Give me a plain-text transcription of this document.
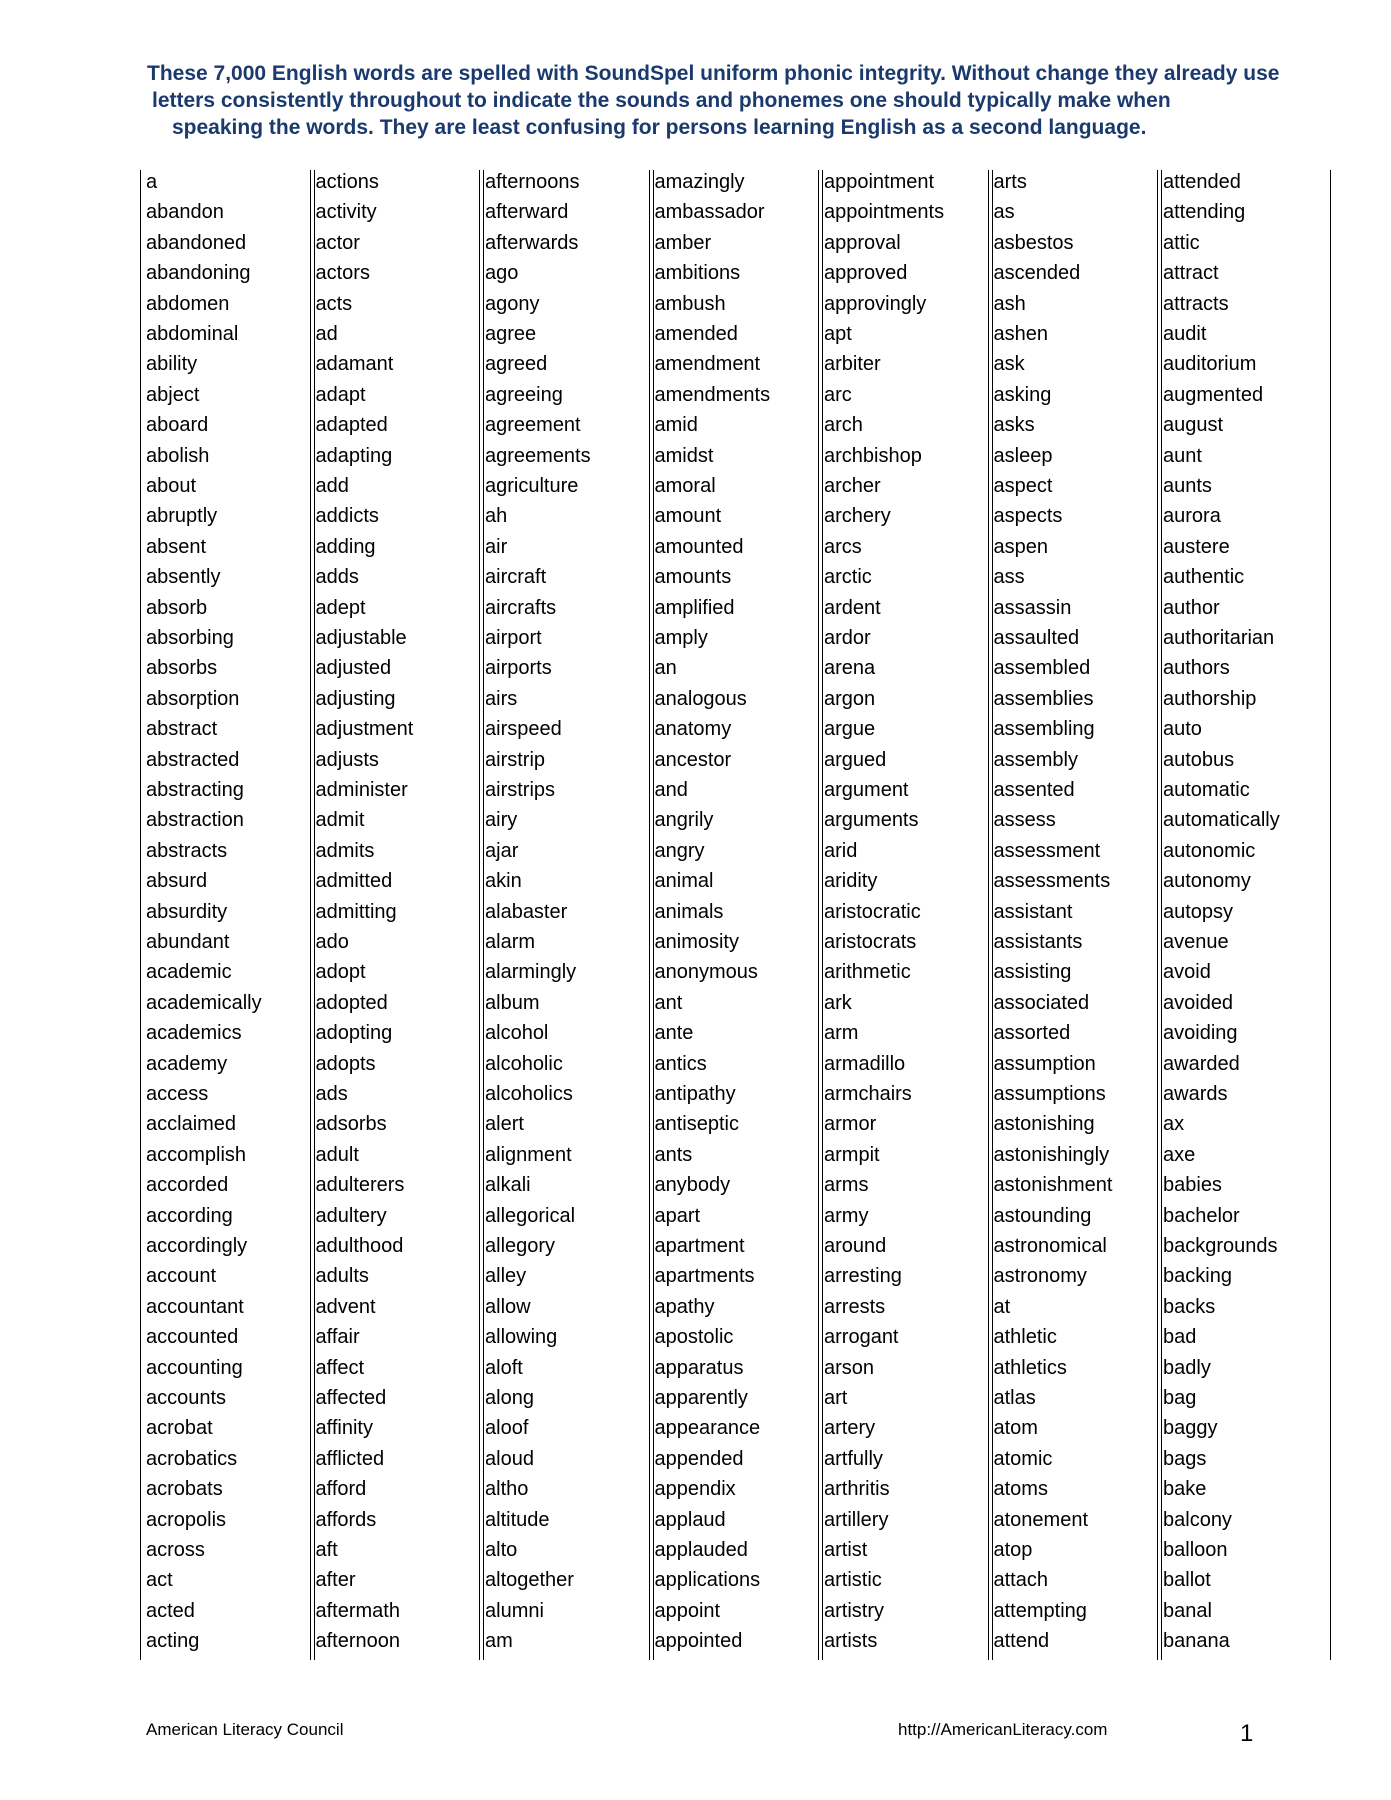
These 7,000 English words are spelled with SoundSpel uniform phonic integrity. Without change they already use
letters consistently throughout to indicate the sounds and phonemes one should typically make when
speaking the words. They are least confusing for persons learning English as a second language.
a
abandon
abandoned
abandoning
abdomen
abdominal
ability
abject
aboard
abolish
about
abruptly
absent
absently
absorb
absorbing
absorbs
absorption
abstract
abstracted
abstracting
abstraction
abstracts
absurd
absurdity
abundant
academic
academically
academics
academy
access
acclaimed
accomplish
accorded
according
accordingly
account
accountant
accounted
accounting
accounts
acrobat
acrobatics
acrobats
acropolis
across
act
acted
acting
actions
activity
actor
actors
acts
ad
adamant
adapt
adapted
adapting
add
addicts
adding
adds
adept
adjustable
adjusted
adjusting
adjustment
adjusts
administer
admit
admits
admitted
admitting
ado
adopt
adopted
adopting
adopts
ads
adsorbs
adult
adulterers
adultery
adulthood
adults
advent
affair
affect
affected
affinity
afflicted
afford
affords
aft
after
aftermath
afternoon
afternoons
afterward
afterwards
ago
agony
agree
agreed
agreeing
agreement
agreements
agriculture
ah
air
aircraft
aircrafts
airport
airports
airs
airspeed
airstrip
airstrips
airy
ajar
akin
alabaster
alarm
alarmingly
album
alcohol
alcoholic
alcoholics
alert
alignment
alkali
allegorical
allegory
alley
allow
allowing
aloft
along
aloof
aloud
altho
altitude
alto
altogether
alumni
am
amazingly
ambassador
amber
ambitions
ambush
amended
amendment
amendments
amid
amidst
amoral
amount
amounted
amounts
amplified
amply
an
analogous
anatomy
ancestor
and
angrily
angry
animal
animals
animosity
anonymous
ant
ante
antics
antipathy
antiseptic
ants
anybody
apart
apartment
apartments
apathy
apostolic
apparatus
apparently
appearance
appended
appendix
applaud
applauded
applications
appoint
appointed
appointment
appointments
approval
approved
approvingly
apt
arbiter
arc
arch
archbishop
archer
archery
arcs
arctic
ardent
ardor
arena
argon
argue
argued
argument
arguments
arid
aridity
aristocratic
aristocrats
arithmetic
ark
arm
armadillo
armchairs
armor
armpit
arms
army
around
arresting
arrests
arrogant
arson
art
artery
artfully
arthritis
artillery
artist
artistic
artistry
artists
arts
as
asbestos
ascended
ash
ashen
ask
asking
asks
asleep
aspect
aspects
aspen
ass
assassin
assaulted
assembled
assemblies
assembling
assembly
assented
assess
assessment
assessments
assistant
assistants
assisting
associated
assorted
assumption
assumptions
astonishing
astonishingly
astonishment
astounding
astronomical
astronomy
at
athletic
athletics
atlas
atom
atomic
atoms
atonement
atop
attach
attempting
attend
attended
attending
attic
attract
attracts
audit
auditorium
augmented
august
aunt
aunts
aurora
austere
authentic
author
authoritarian
authors
authorship
auto
autobus
automatic
automatically
autonomic
autonomy
autopsy
avenue
avoid
avoided
avoiding
awarded
awards
ax
axe
babies
bachelor
backgrounds
backing
backs
bad
badly
bag
baggy
bags
bake
balcony
balloon
ballot
banal
banana
American Literacy Council	http://AmericanLiteracy.com	1
